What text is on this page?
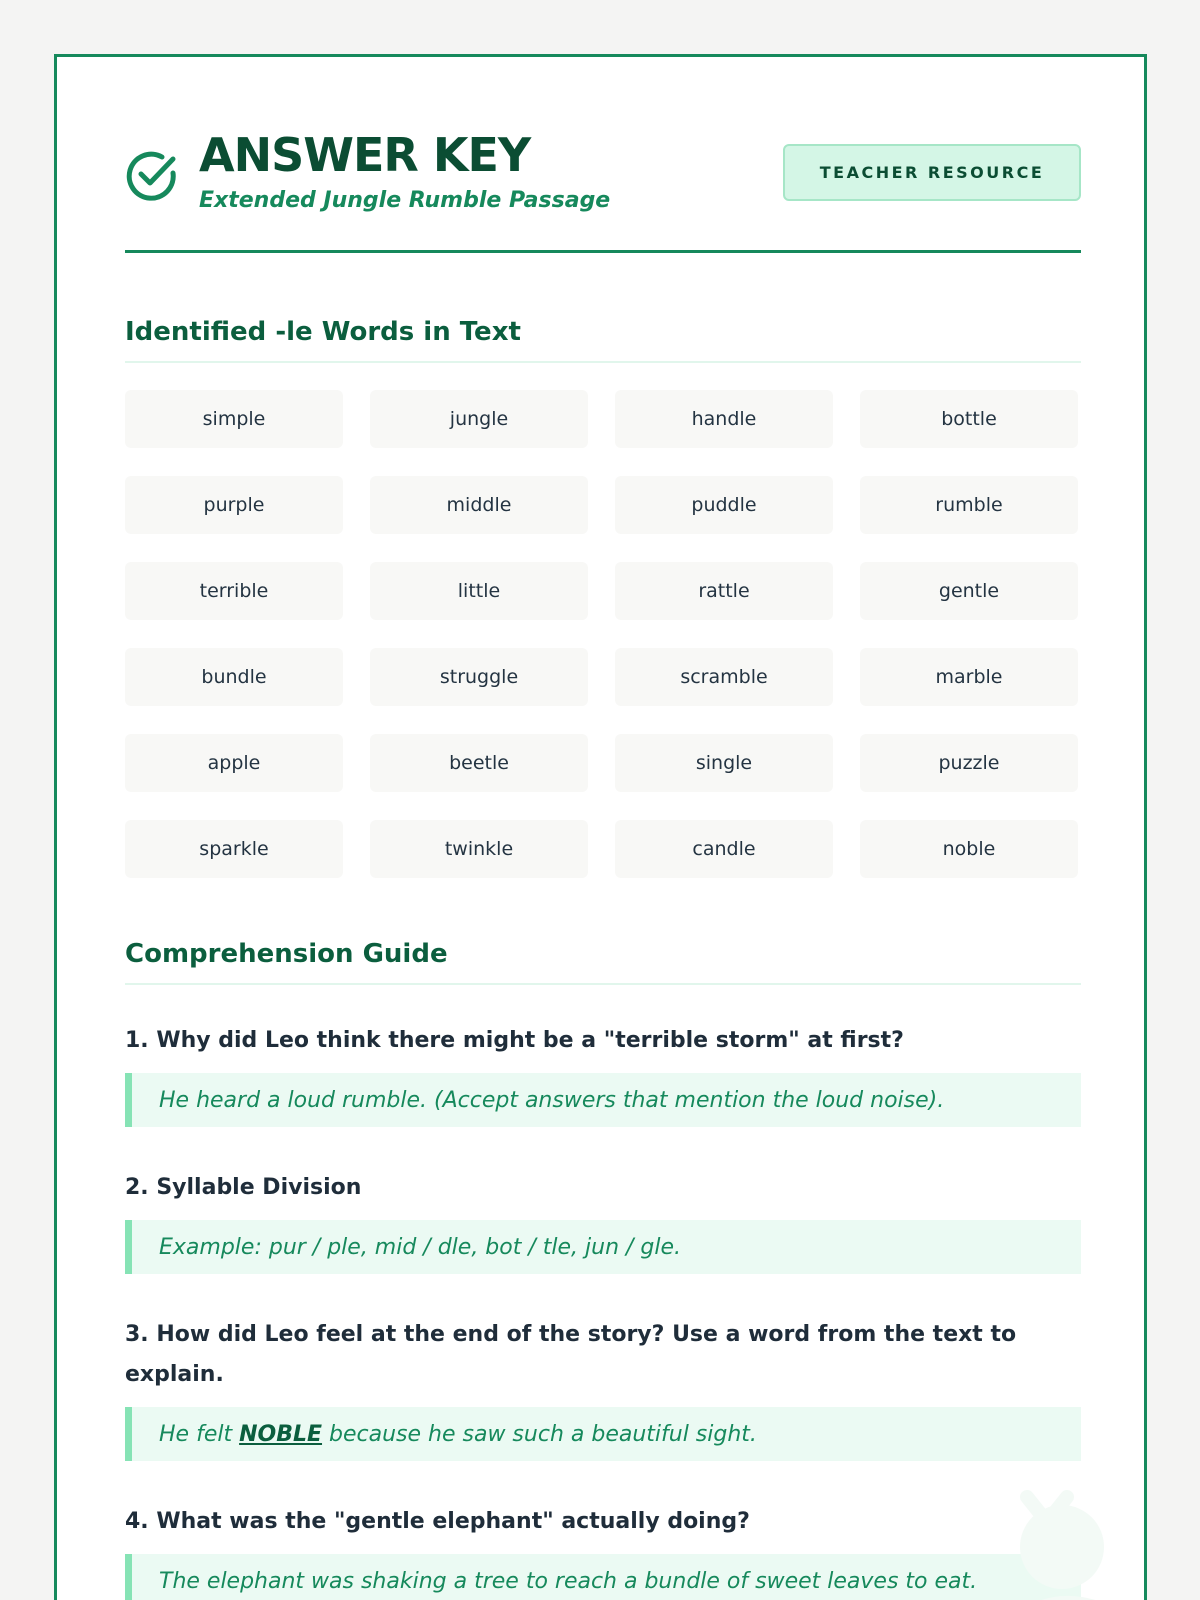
ANSWER KEY
Extended Jungle Rumble Passage
TEACHER RESOURCE
Identified -le Words in Text
simple	jungle	handle	bottle
purple	middle	puddle	rumble
terrible	little	rattle	gentle
bundle	struggle	scramble	marble
apple	beetle	single	puzzle
sparkle	twinkle	candle	noble
Comprehension Guide
1. Why did Leo think there might be a "terrible storm" at first?
He heard a loud rumble. (Accept answers that mention the loud noise).
2. Syllable Division
Example: pur / ple, mid / dle, bot / tle, jun / gle.
3. How did Leo feel at the end of the story? Use a word from the text to explain.
He felt NOBLE because he saw such a beautiful sight.
4. What was the "gentle elephant" actually doing?
The elephant was shaking a tree to reach a bundle of sweet leaves to eat.
